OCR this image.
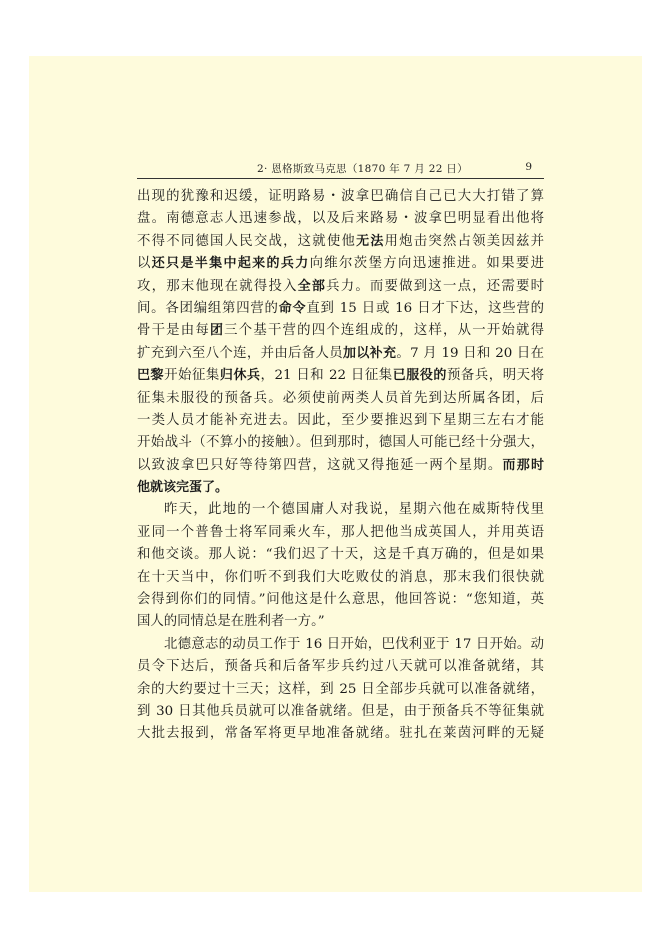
2· 恩格斯致马克思（1870 年 7 月 22 日）	9
出现的犹豫和迟缓，证明路易・波拿巴确信自己已大大打错了算
盘。南德意志人迅速参战，以及后来路易・波拿巴明显看出他将
不得不同德国人民交战，这就使他无法用炮击突然占领美因兹并
以还只是半集中起来的兵力向维尔茨堡方向迅速推进。如果要进
攻，那末他现在就得投入全部兵力。而要做到这一点，还需要时
间。各团编组第四营的命令直到 15 日或 16 日才下达，这些营的
骨干是由每团三个基干营的四个连组成的，这样，从一开始就得
扩充到六至八个连，并由后备人员加以补充。7 月 19 日和 20 日在
巴黎开始征集归休兵，21 日和 22 日征集已服役的预备兵，明天将
征集未服役的预备兵。必须使前两类人员首先到达所属各团，后
一类人员才能补充进去。因此，至少要推迟到下星期三左右才能
开始战斗（不算小的接触）。但到那时，德国人可能已经十分强大，
以致波拿巴只好等待第四营，这就又得拖延一两个星期。而那时
他就该完蛋了。
昨天，此地的一个德国庸人对我说，星期六他在威斯特伐里
亚同一个普鲁士将军同乘火车，那人把他当成英国人，并用英语
和他交谈。那人说：“我们迟了十天，这是千真万确的，但是如果
在十天当中，你们听不到我们大吃败仗的消息，那末我们很快就
会得到你们的同情。”问他这是什么意思，他回答说：“您知道，英
国人的同情总是在胜利者一方。”
北德意志的动员工作于 16 日开始，巴伐利亚于 17 日开始。动
员令下达后，预备兵和后备军步兵约过八天就可以准备就绪，其
余的大约要过十三天；这样，到 25 日全部步兵就可以准备就绪，
到 30 日其他兵员就可以准备就绪。但是，由于预备兵不等征集就
大批去报到，常备军将更早地准备就绪。驻扎在莱茵河畔的无疑
